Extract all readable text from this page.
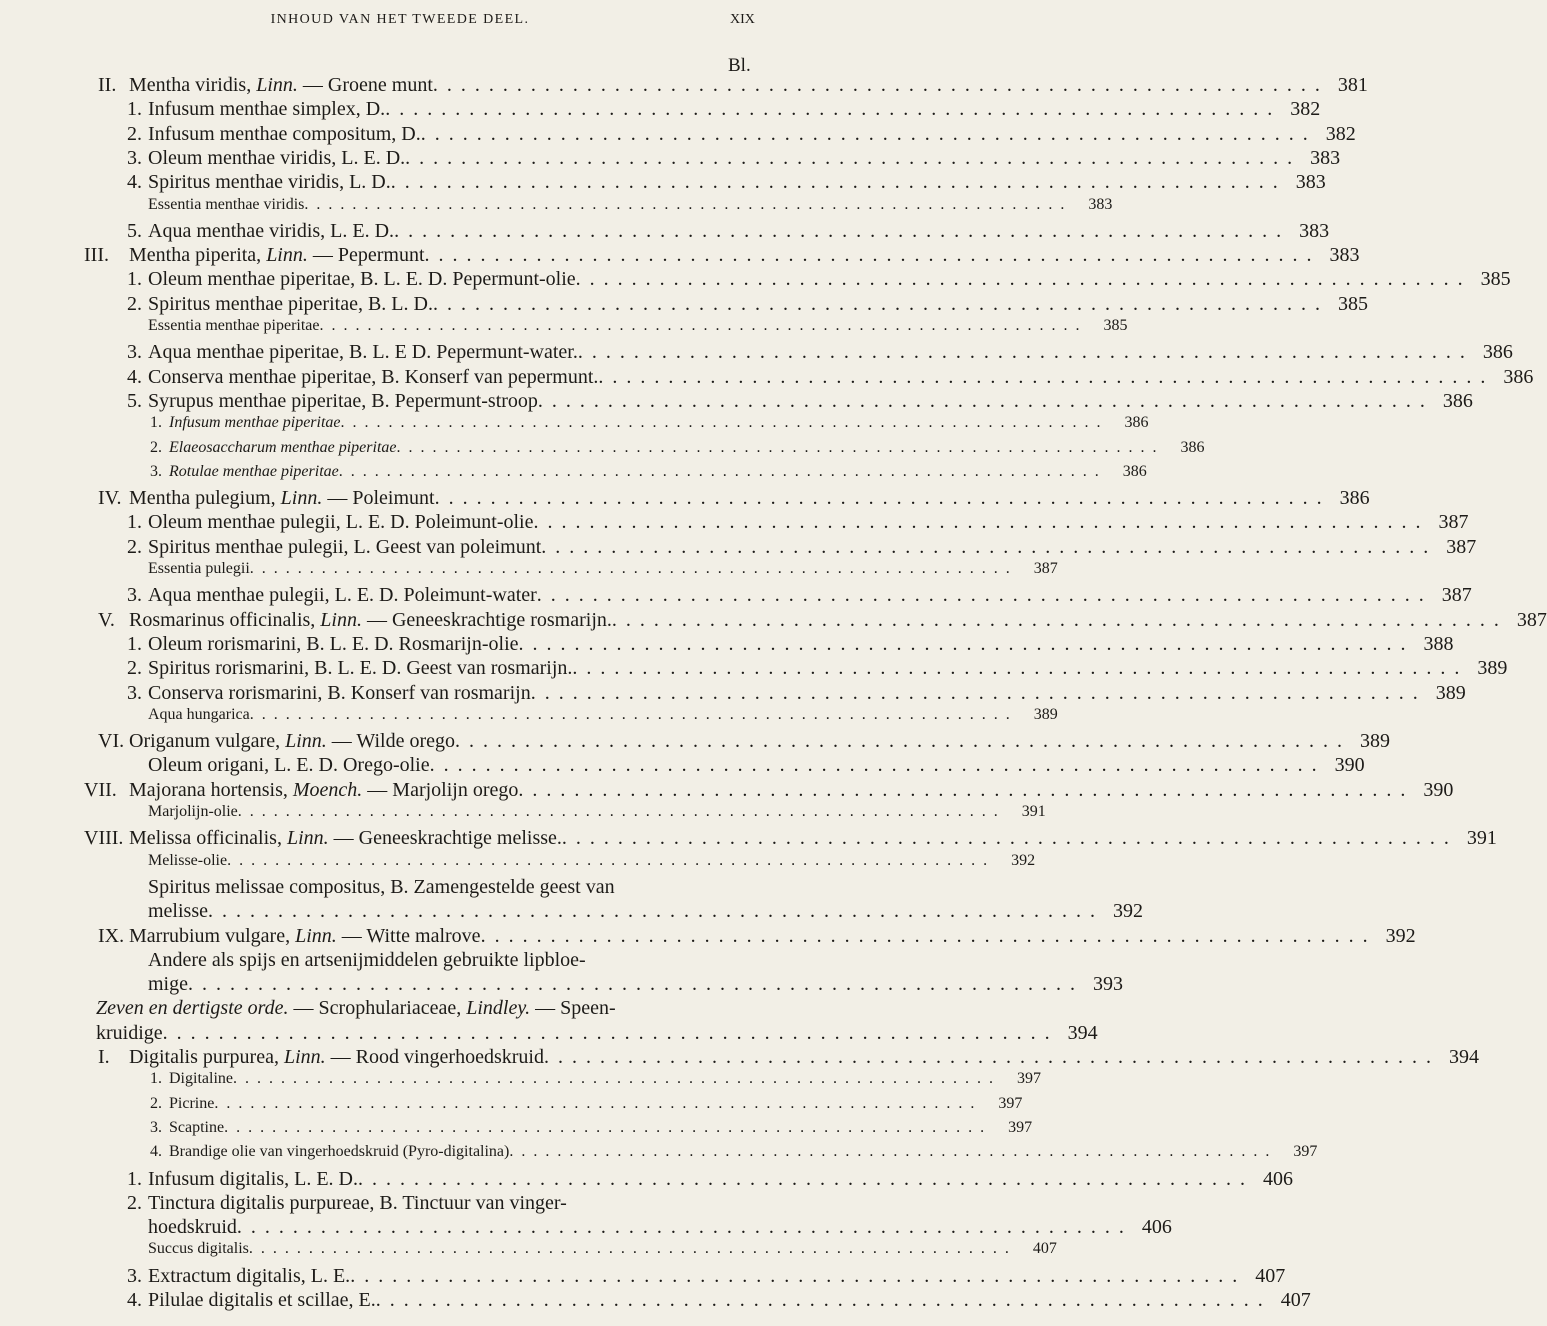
INHOUD VAN HET TWEEDE DEEL.	XIX
Bl.
II. Mentha viridis, Linn. — Groene munt . . .	381
1. Infusum menthae simplex, D. . . .	382
2. Infusum menthae compositum, D. . . .	382
3. Oleum menthae viridis, L. E. D. . . .	383
4. Spiritus menthae viridis, L. D. . . .	383
Essentia menthae viridis . . .	383
5. Aqua menthae viridis, L. E. D. . . .	383
III.	Mentha piperita, Linn. — Pepermunt . . .	383
1. Oleum menthae piperitae, B. L. E. D. Pepermunt-olie . . .	385
2. Spiritus menthae piperitae, B. L. D. . . .	385
Essentia menthae piperitae . . .	385
3. Aqua menthae piperitae, B. L. E D. Pepermunt-water. . . .	386
4. Conserva menthae piperitae, B. Konserf van pepermunt. . . .	386
5. Syrupus menthae piperitae, B. Pepermunt-stroop . . .	386
1. Infusum menthae piperitae . . .	386
2. Elaeosaccharum menthae piperitae . . .	386
3. Rotulae menthae piperitae . . .	386
IV. Mentha pulegium, Linn. — Poleimunt . . .	386
1. Oleum menthae pulegii, L. E. D. Poleimunt-olie . . .	387
2. Spiritus menthae pulegii, L. Geest van poleimunt . . .	387
Essentia pulegii . . .	387
3. Aqua menthae pulegii, L. E. D. Poleimunt-water . . .	387
V. Rosmarinus officinalis, Linn. — Geneeskrachtige rosmarijn. . . .	387
1. Oleum rorismarini, B. L. E. D. Rosmarijn-olie . . .	388
2. Spiritus rorismarini, B. L. E. D. Geest van rosmarijn. . . .	389
3. Conserva rorismarini, B. Konserf van rosmarijn . . .	389
Aqua hungarica . . .	389
VI. Origanum vulgare, Linn. — Wilde orego . . .	389
Oleum origani, L. E. D. Orego-olie . . .	390
VII. Majorana hortensis, Moench. — Marjolijn orego . . .	390
Marjolijn-olie . . .	391
VIII. Melissa officinalis, Linn. — Geneeskrachtige melisse. . . .	391
Melisse-olie . . .	392
Spiritus melissae compositus, B. Zamengestelde geest van
melisse . . .	392
IX. Marrubium vulgare, Linn. — Witte malrove . . .	392
Andere als spijs en artsenijmiddelen gebruikte lipbloe-
mige . . .	393
Zeven en dertigste orde. — Scrophulariaceae, Lindley. — Speen-
kruidige . . .	394
I. Digitalis purpurea, Linn. — Rood vingerhoedskruid . . .	394
1. Digitaline . . .	397
2. Picrine . . .	397
3. Scaptine . . .	397
4. Brandige olie van vingerhoedskruid (Pyro-digitalina) . . .	397
1. Infusum digitalis, L. E. D. . . .	406
2. Tinctura digitalis purpureae, B. Tinctuur van vinger-
hoedskruid . . .	406
Succus digitalis . . .	407
3. Extractum digitalis, L. E. . . .	407
4. Pilulae digitalis et scillae, E. . . .	407
